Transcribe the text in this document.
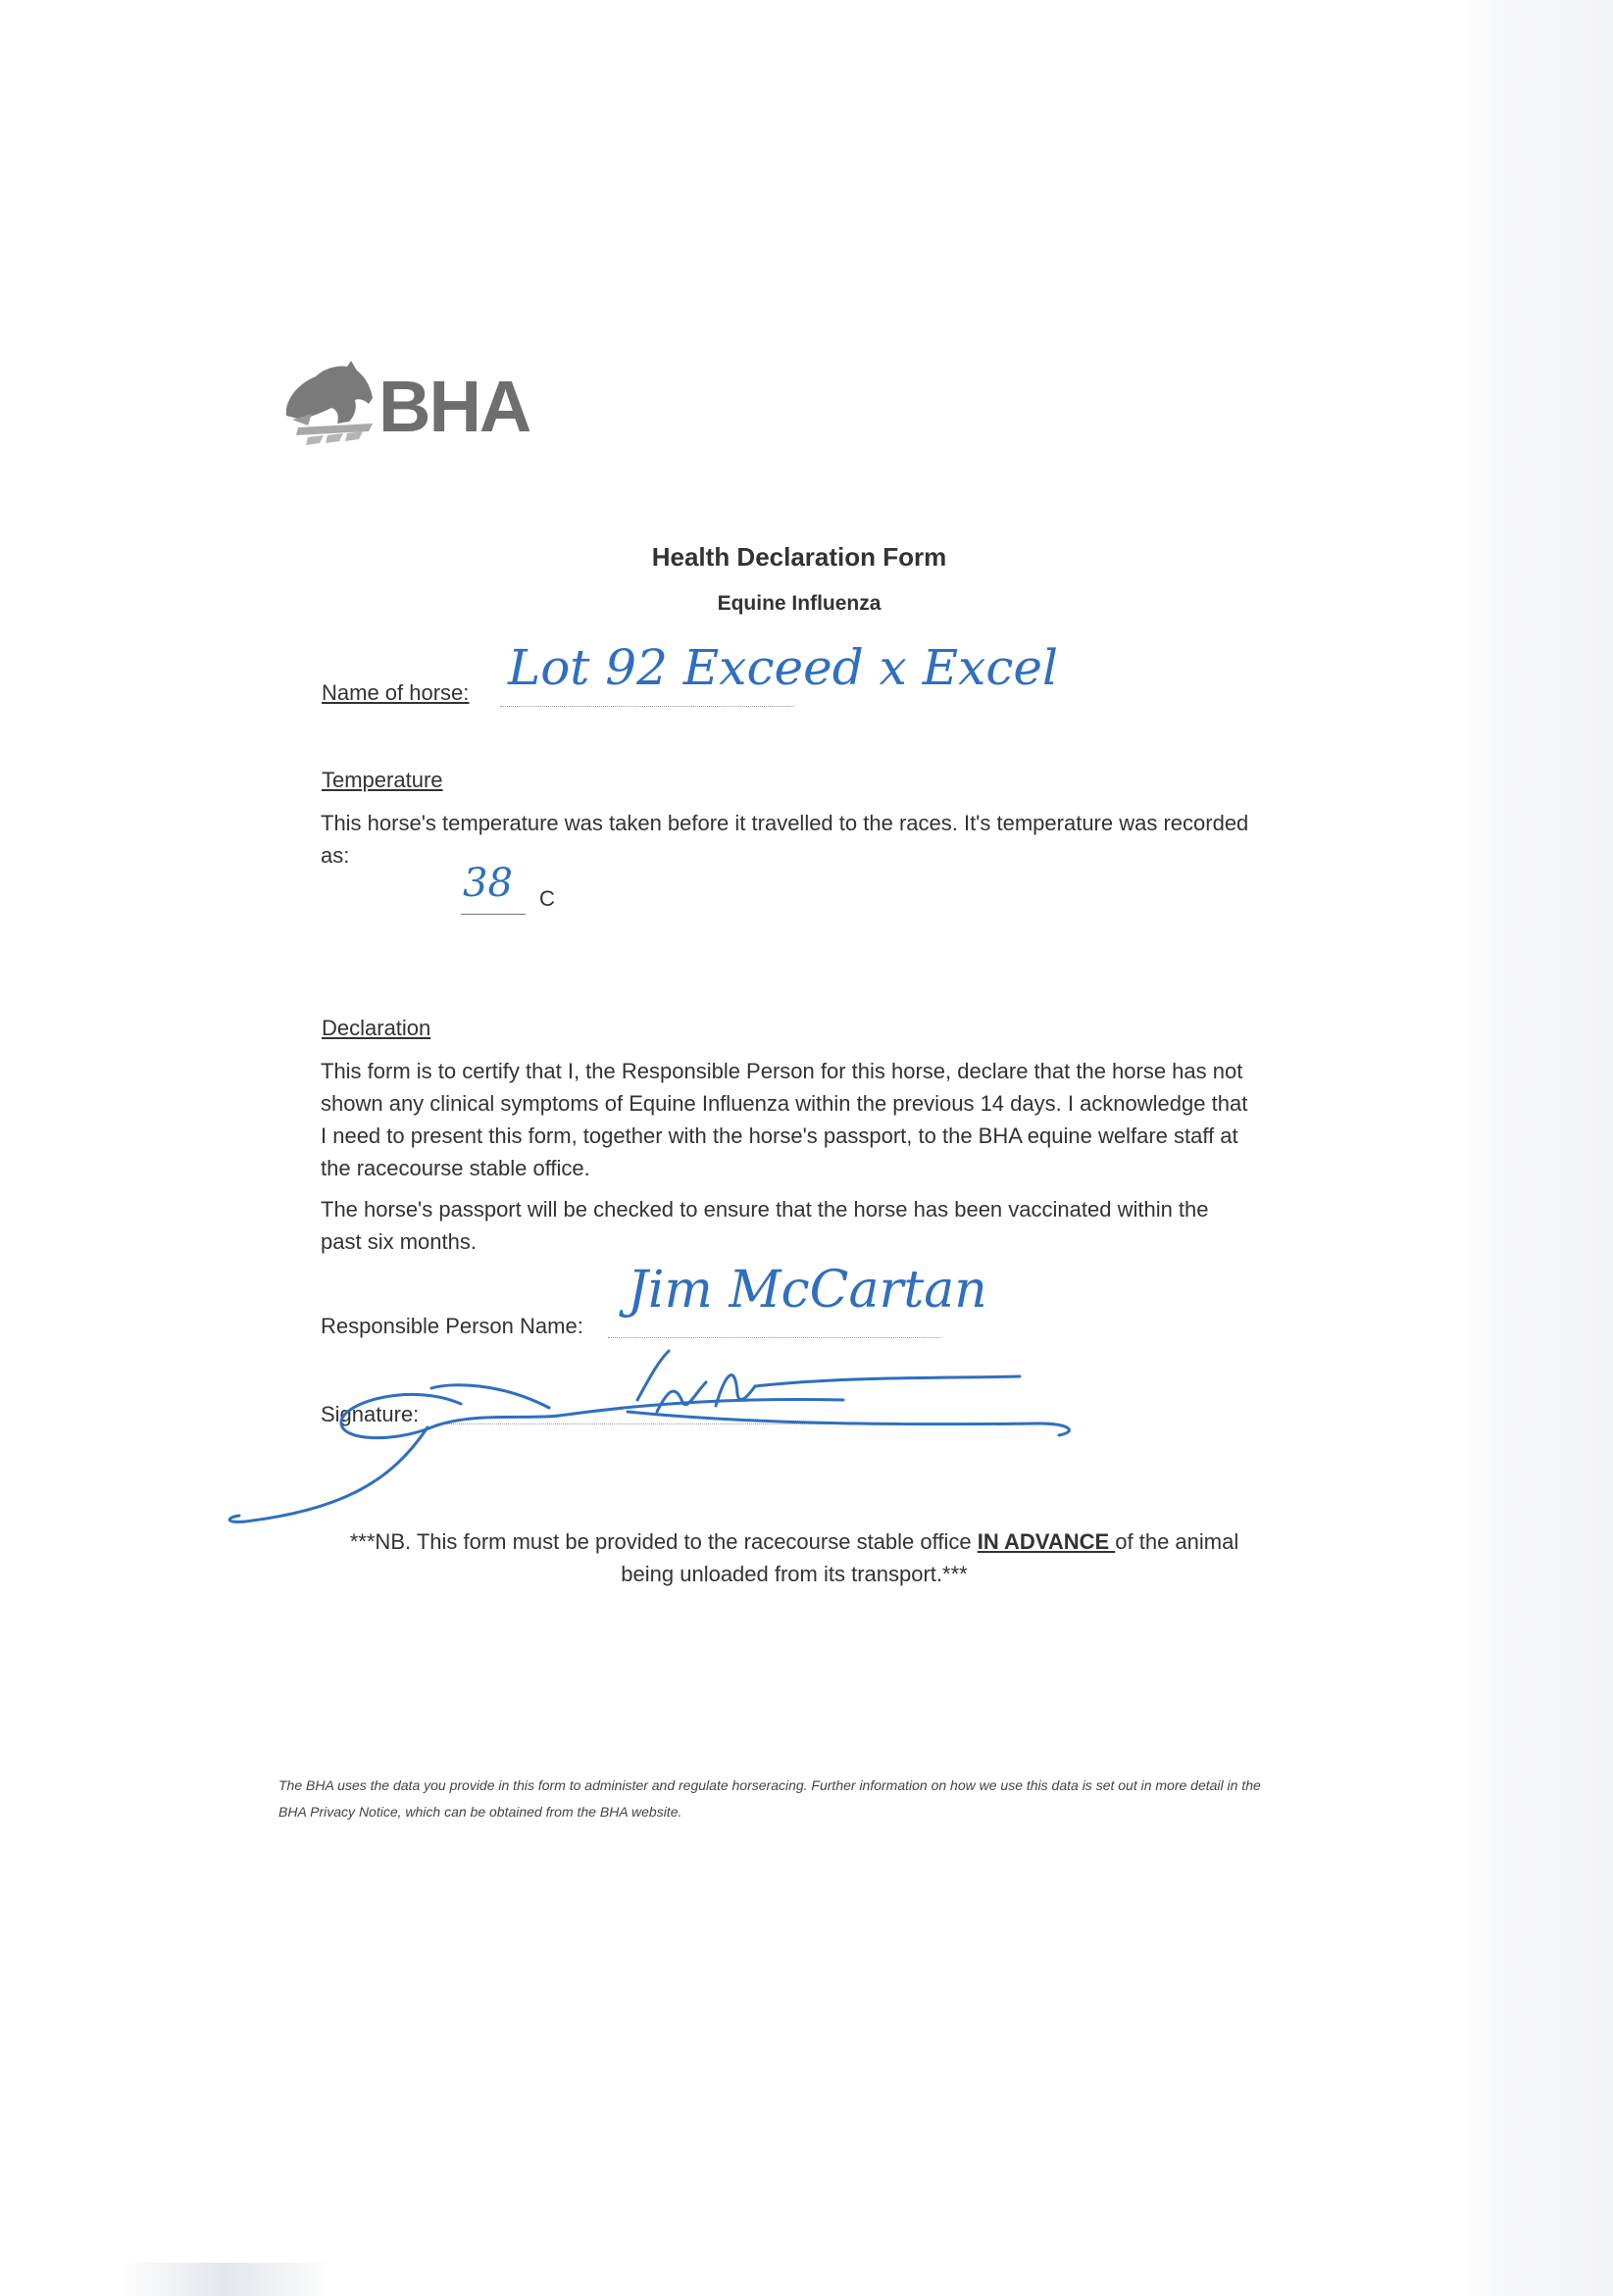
BHA
Health Declaration Form
Equine Influenza
Name of horse: Lot 92 Exceed x Excel
Temperature
This horse's temperature was taken before it travelled to the races. It's temperature was recorded as:
38 C
Declaration
This form is to certify that I, the Responsible Person for this horse, declare that the horse has not shown any clinical symptoms of Equine Influenza within the previous 14 days. I acknowledge that I need to present this form, together with the horse's passport, to the BHA equine welfare staff at the racecourse stable office.
The horse's passport will be checked to ensure that the horse has been vaccinated within the past six months.
Responsible Person Name:
Jim McCartan
Signature:
***NB. This form must be provided to the racecourse stable office IN ADVANCE of the animal being unloaded from its transport.***
The BHA uses the data you provide in this form to administer and regulate horseracing. Further information on how we use this data is set out in more detail in the BHA Privacy Notice, which can be obtained from the BHA website.
